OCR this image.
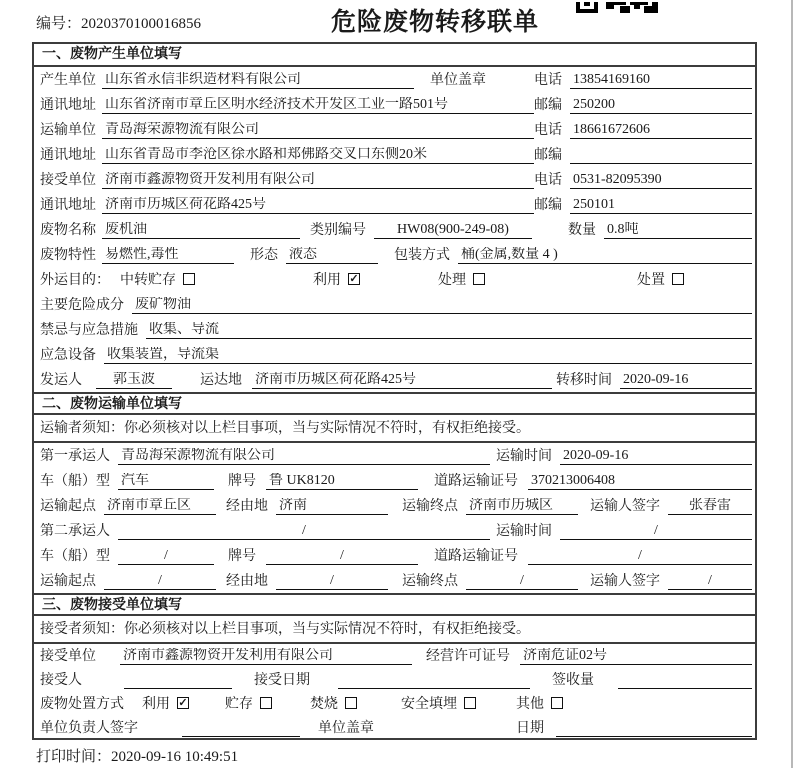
编号：2020370100016856	危险废物转移联单
一、废物产生单位填写
产生单位 山东省永信非织造材料有限公司	单位盖章	电话 13854169160
通讯地址 山东省济南市章丘区明水经济技术开发区工业一路501号	邮编 250200
运输单位 青岛海荣源物流有限公司	电话 18661672606
通讯地址 山东省青岛市李沧区徐水路和郑佛路交叉口东侧20米	邮编
接受单位 济南市鑫源物资开发利用有限公司	电话 0531-82095390
通讯地址 济南市历城区荷花路425号	邮编 250101
废物名称 废机油	类别编号	HW08(900-249-08)	数量 0.8吨
废物特性 易燃性,毒性	形态 液态	包装方式 桶(金属,数量 4 )
外运目的： 中转贮存	利用 ✓	处理	处置
主要危险成分 废矿物油
禁忌与应急措施 收集、导流
应急设备 收集装置，导流渠
发运人	郭玉波	运达地 济南市历城区荷花路425号	转移时间 2020-09-16
二、废物运输单位填写
运输者须知：你必须核对以上栏目事项，当与实际情况不符时，有权拒绝接受。
第一承运人 青岛海荣源物流有限公司	运输时间 2020-09-16
车（船）型 汽车	牌号 鲁 UK8120	道路运输证号 370213006408
运输起点 济南市章丘区	经由地 济南	运输终点 济南市历城区	运输人签字	张春雷
第二承运人	/	运输时间	/
车（船）型	/	牌号	/	道路运输证号	/
运输起点	/	经由地	/	运输终点	/	运输人签字	/
三、废物接受单位填写
接受者须知：你必须核对以上栏目事项，当与实际情况不符时，有权拒绝接受。
接受单位 济南市鑫源物资开发利用有限公司	经营许可证号 济南危证02号
接受人	接受日期	签收量
废物处置方式 利用 ✓	贮存	焚烧	安全填埋	其他
单位负责人签字	单位盖章	日期
打印时间：2020-09-16 10:49:51
